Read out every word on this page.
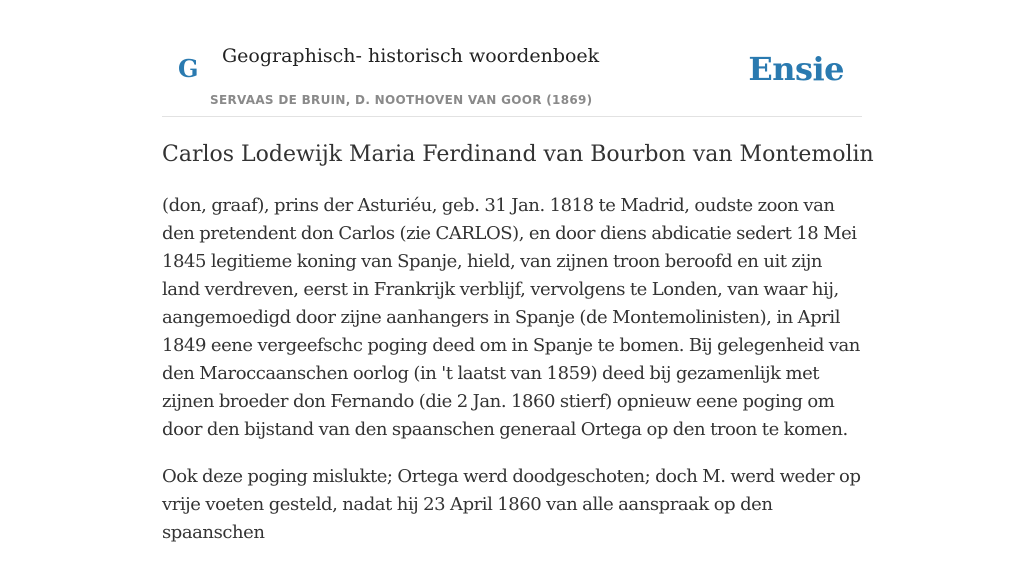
G Geographisch- historisch woordenboek
SERVAAS DE BRUIN, D. NOOTHOVEN VAN GOOR (1869)
Ensie
Carlos Lodewijk Maria Ferdinand van Bourbon van Montemolin

(don, graaf), prins der Asturiéu, geb. 31 Jan. 1818 te Madrid, oudste zoon van den pretendent don Carlos (zie CARLOS), en door diens abdicatie sedert 18 Mei 1845 legitieme koning van Spanje, hield, van zijnen troon beroofd en uit zijn land verdreven, eerst in Frankrijk verblijf, vervolgens te Londen, van waar hij, aangemoedigd door zijne aanhangers in Spanje (de Montemolinisten), in April 1849 eene vergeefschc poging deed om in Spanje te bomen. Bij gelegenheid van den Maroccaanschen oorlog (in 't laatst van 1859) deed bij gezamenlijk met zijnen broeder don Fernando (die 2 Jan. 1860 stierf) opnieuw eene poging om door den bijstand van den spaanschen generaal Ortega op den troon te komen.

Ook deze poging mislukte; Ortega werd doodgeschoten; doch M. werd weder op vrije voeten gesteld, nadat hij 23 April 1860 van alle aanspraak op den spaanschen
